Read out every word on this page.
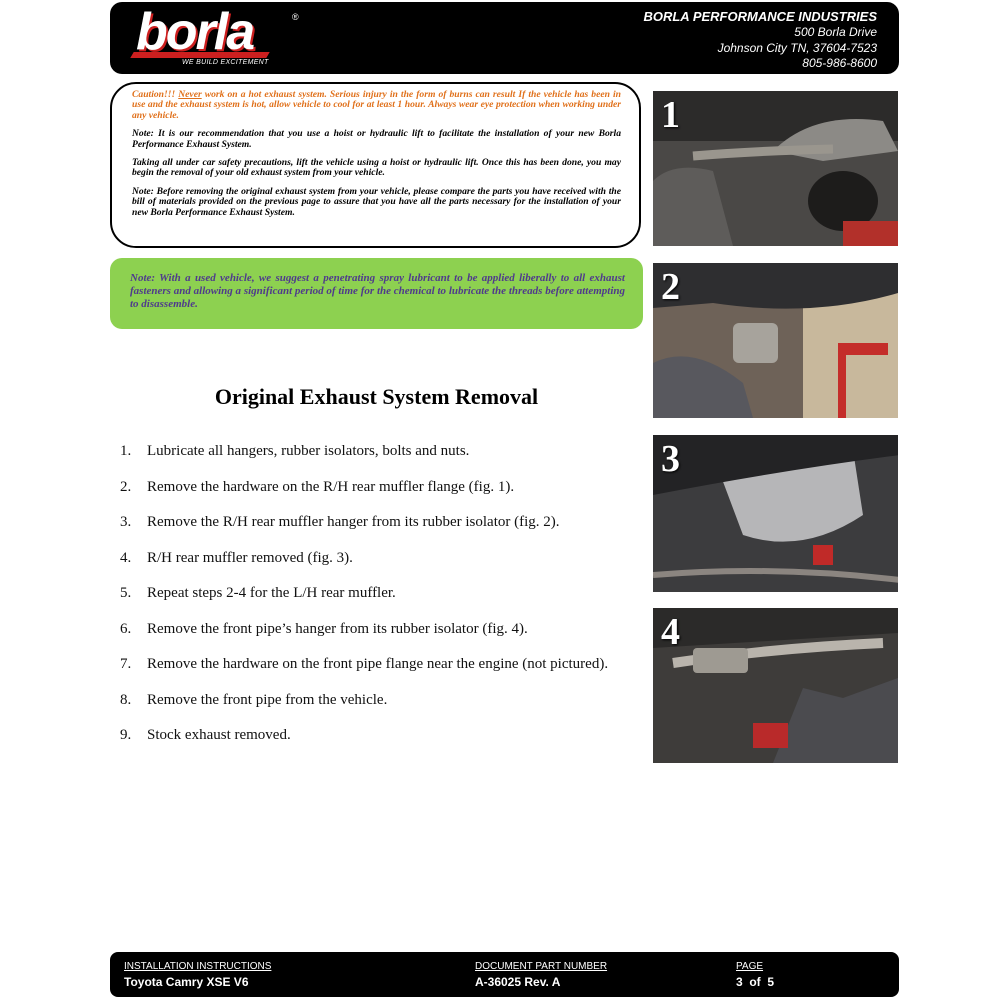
borla	®
WE BUILD EXCITEMENT
BORLA PERFORMANCE INDUSTRIES
500 Borla Drive
Johnson City TN, 37604-7523
805-986-8600

Caution!!! Never work on a hot exhaust system. Serious injury in the form of burns can result If the vehicle has been in use and the exhaust system is hot, allow vehicle to cool for at least 1 hour. Always wear eye protection when working under any vehicle.

Note: It is our recommendation that you use a hoist or hydraulic lift to facilitate the installation of your new Borla Performance Exhaust System.

Taking all under car safety precautions, lift the vehicle using a hoist or hydraulic lift. Once this has been done, you may begin the removal of your old exhaust system from your vehicle.

Note: Before removing the original exhaust system from your vehicle, please compare the parts you have received with the bill of materials provided on the previous page to assure that you have all the parts necessary for the installation of your new Borla Performance Exhaust System.

Note: With a used vehicle, we suggest a penetrating spray lubricant to be applied liberally to all exhaust fasteners and allowing a significant period of time for the chemical to lubricate the threads before attempting to disassemble.
Original Exhaust System Removal
1. Lubricate all hangers, rubber isolators, bolts and nuts.
2. Remove the hardware on the R/H rear muffler flange (fig. 1).
3. Remove the R/H rear muffler hanger from its rubber isolator (fig. 2).
4. R/H rear muffler removed (fig. 3).
5. Repeat steps 2-4 for the L/H rear muffler.
6. Remove the front pipe’s hanger from its rubber isolator (fig. 4).
7. Remove the hardware on the front pipe flange near the engine (not pictured).
8. Remove the front pipe from the vehicle.
9. Stock exhaust removed.
1
2
3
4
INSTALLATION INSTRUCTIONS
Toyota Camry XSE V6
DOCUMENT PART NUMBER
A-36025 Rev. A
PAGE
3  of  5
